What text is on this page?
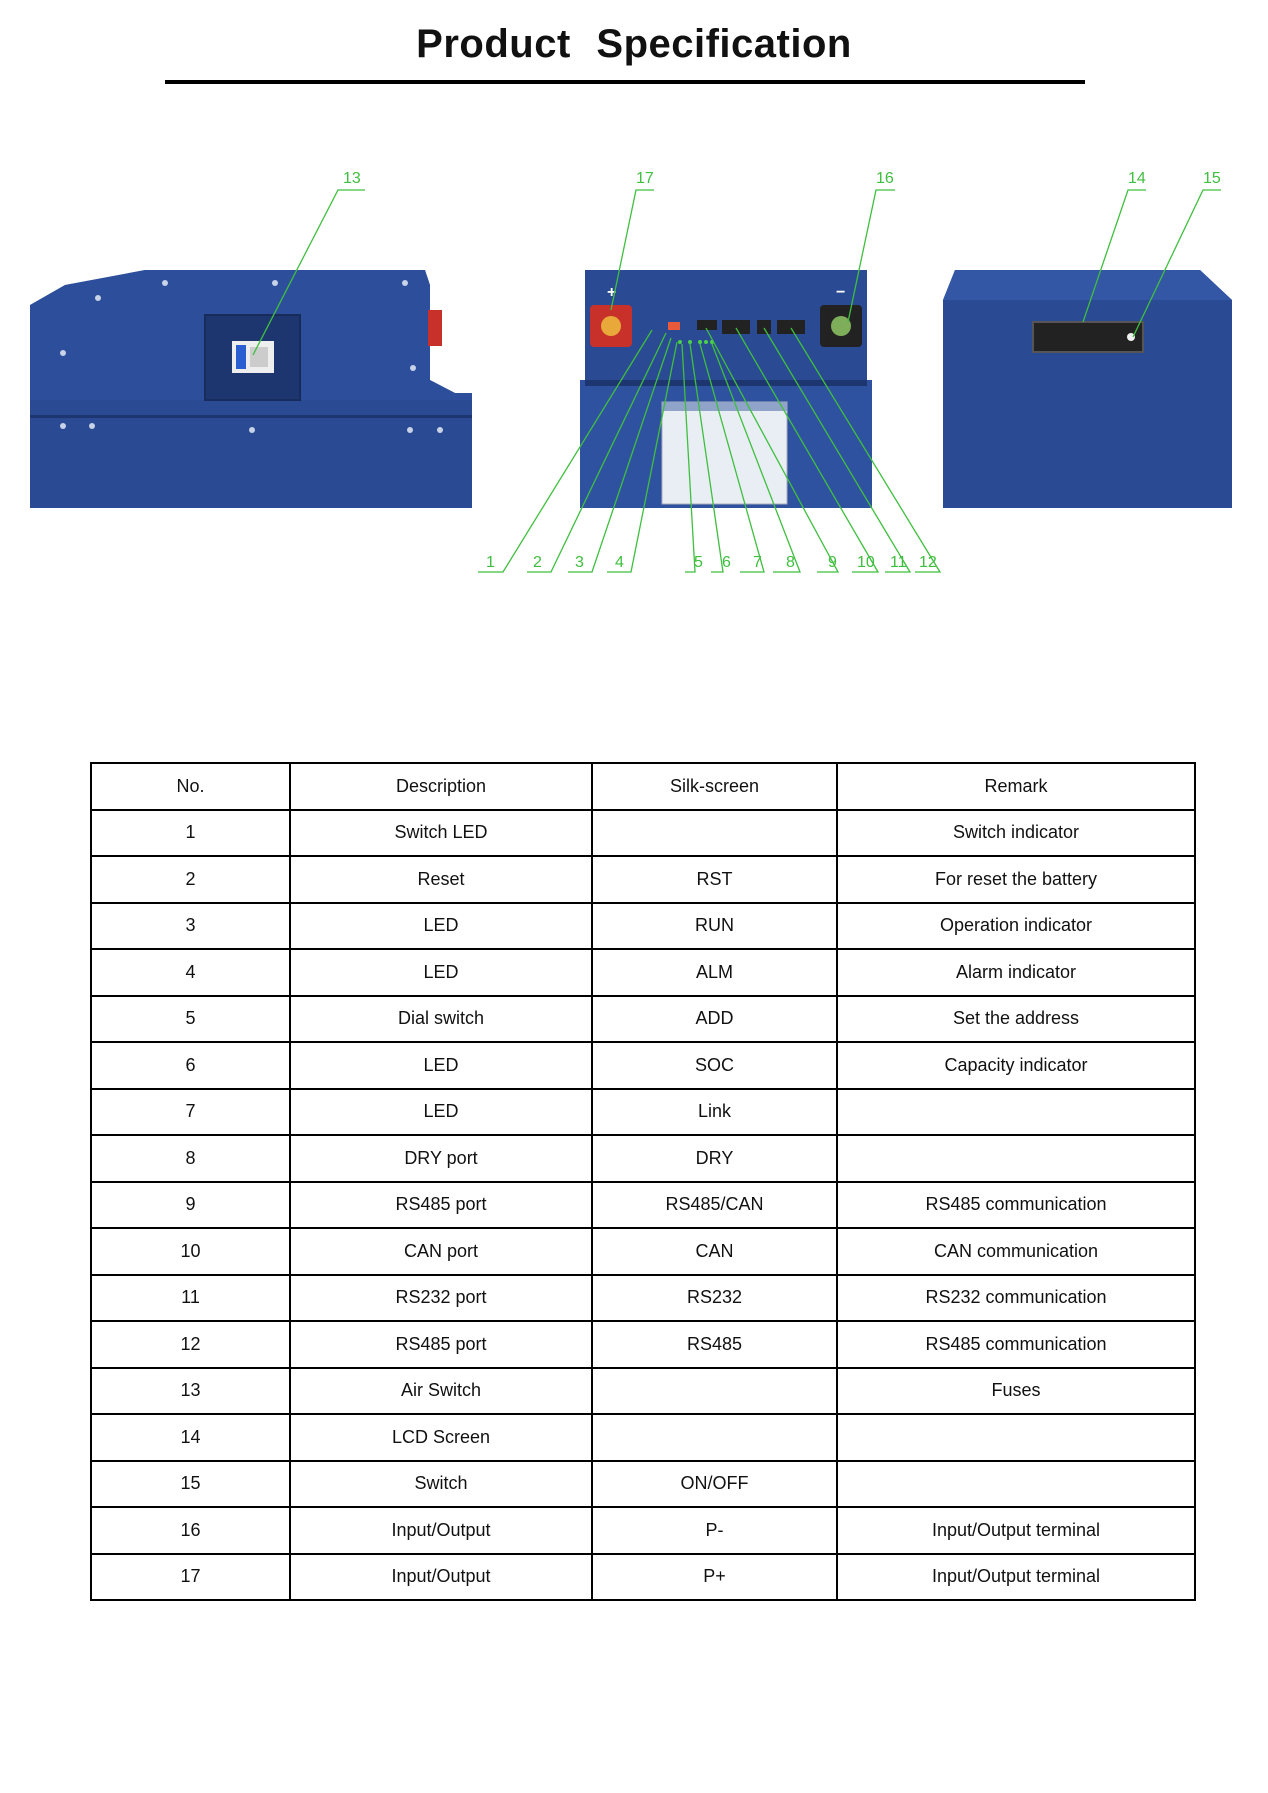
Product Specification
+	−
13	17	16	14	15
1 2 3 4	5 6 7 8 9 10 11 12
No.	Description	Silk-screen	Remark
1	Switch LED		Switch indicator
2	Reset	RST	For reset the battery
3	LED	RUN	Operation indicator
4	LED	ALM	Alarm indicator
5	Dial switch	ADD	Set the address
6	LED	SOC	Capacity indicator
7	LED	Link	
8	DRY port	DRY	
9	RS485 port	RS485/CAN	RS485 communication
10	CAN port	CAN	CAN communication
11	RS232 port	RS232	RS232 communication
12	RS485 port	RS485	RS485 communication
13	Air Switch		Fuses
14	LCD Screen		
15	Switch	ON/OFF	
16	Input/Output	P-	Input/Output terminal
17	Input/Output	P+	Input/Output terminal
